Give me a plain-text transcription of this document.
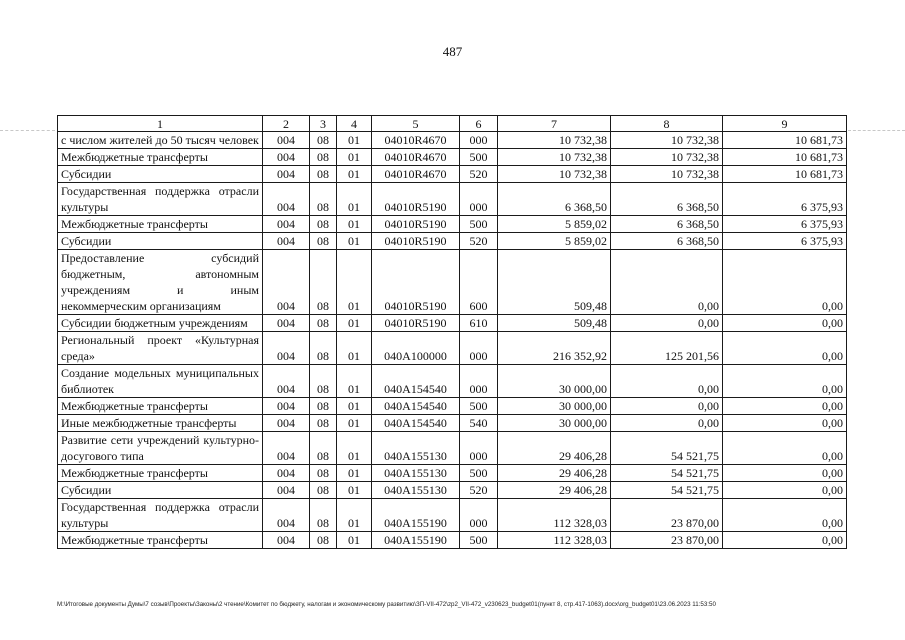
487
1	2	3	4	5	6	7	8	9
с числом жителей до 50 тысяч человек	004	08	01	04010R4670	000	10 732,38	10 732,38	10 681,73
Межбюджетные трансферты	004	08	01	04010R4670	500	10 732,38	10 732,38	10 681,73
Субсидии	004	08	01	04010R4670	520	10 732,38	10 732,38	10 681,73
Государственная поддержка отрасли культуры	004	08	01	04010R5190	000	6 368,50	6 368,50	6 375,93
Межбюджетные трансферты	004	08	01	04010R5190	500	5 859,02	6 368,50	6 375,93
Субсидии	004	08	01	04010R5190	520	5 859,02	6 368,50	6 375,93
Предоставление субсидий бюджетным, автономным учреждениям и иным некоммерческим организациям	004	08	01	04010R5190	600	509,48	0,00	0,00
Субсидии бюджетным учреждениям	004	08	01	04010R5190	610	509,48	0,00	0,00
Региональный проект «Культурная среда»	004	08	01	040A100000	000	216 352,92	125 201,56	0,00
Создание модельных муниципальных библиотек	004	08	01	040A154540	000	30 000,00	0,00	0,00
Межбюджетные трансферты	004	08	01	040A154540	500	30 000,00	0,00	0,00
Иные межбюджетные трансферты	004	08	01	040A154540	540	30 000,00	0,00	0,00
Развитие сети учреждений культурно-досугового типа	004	08	01	040A155130	000	29 406,28	54 521,75	0,00
Межбюджетные трансферты	004	08	01	040A155130	500	29 406,28	54 521,75	0,00
Субсидии	004	08	01	040A155130	520	29 406,28	54 521,75	0,00
Государственная поддержка отрасли культуры	004	08	01	040A155190	000	112 328,03	23 870,00	0,00
Межбюджетные трансферты	004	08	01	040A155190	500	112 328,03	23 870,00	0,00
M:\Итоговые документы Думы\7 созыв\Проекты\Законы\2 чтение\Комитет по бюджету, налогам и экономическому развитию\ЗП-VII-472\zp2_VII-472_v230623_budget01(пункт 8, стр.417-1063).docx\org_budget01\23.06.2023 11:53:50
